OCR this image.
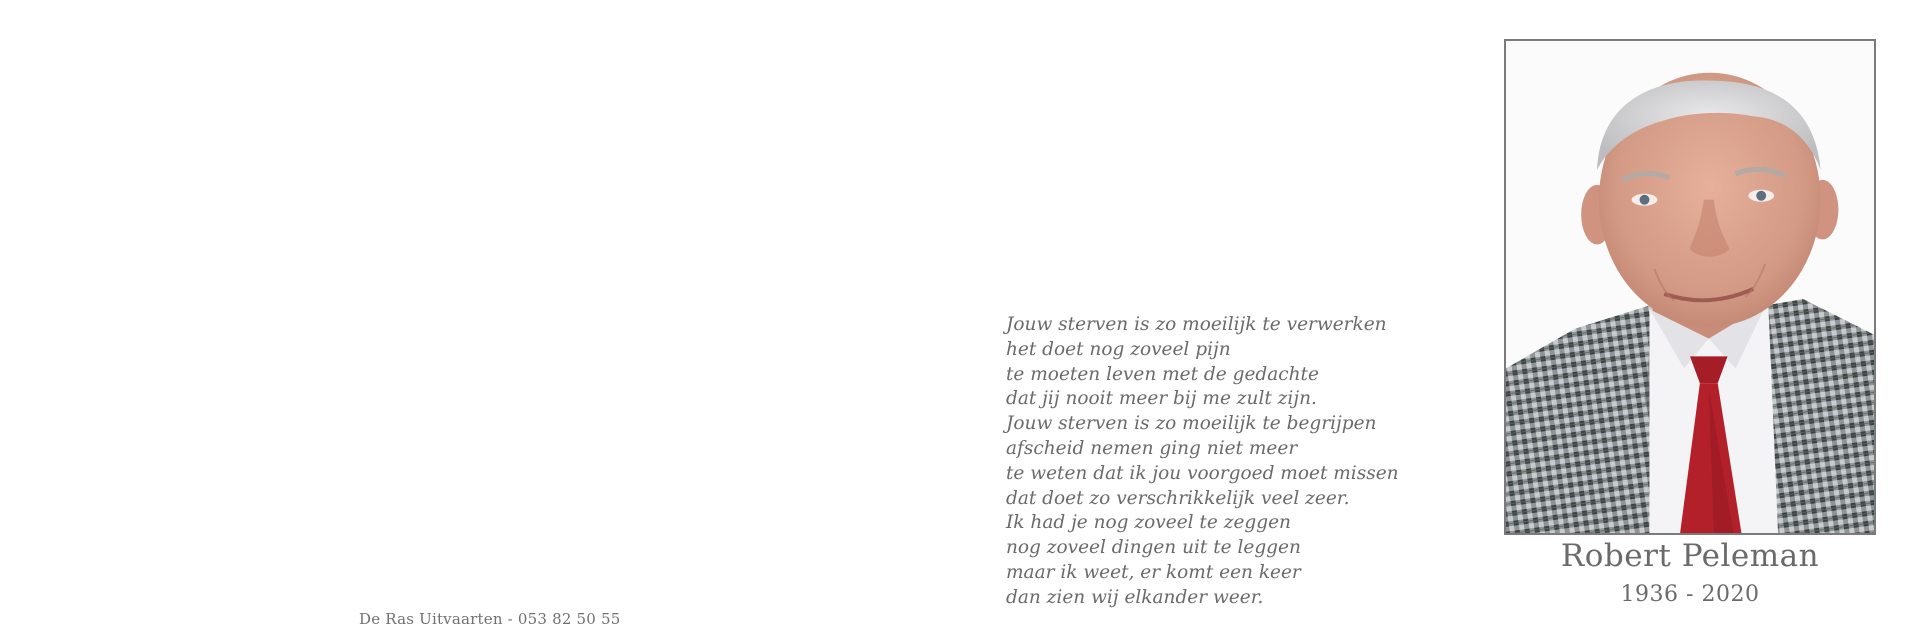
De Ras Uitvaarten - 053 82 50 55
Jouw sterven is zo moeilijk te verwerken
het doet nog zoveel pijn
te moeten leven met de gedachte
dat jij nooit meer bij me zult zijn.
Jouw sterven is zo moeilijk te begrijpen
afscheid nemen ging niet meer
te weten dat ik jou voorgoed moet missen
dat doet zo verschrikkelijk veel zeer.
Ik had je nog zoveel te zeggen
nog zoveel dingen uit te leggen
maar ik weet, er komt een keer
dan zien wij elkander weer.
Robert Peleman
1936 - 2020
